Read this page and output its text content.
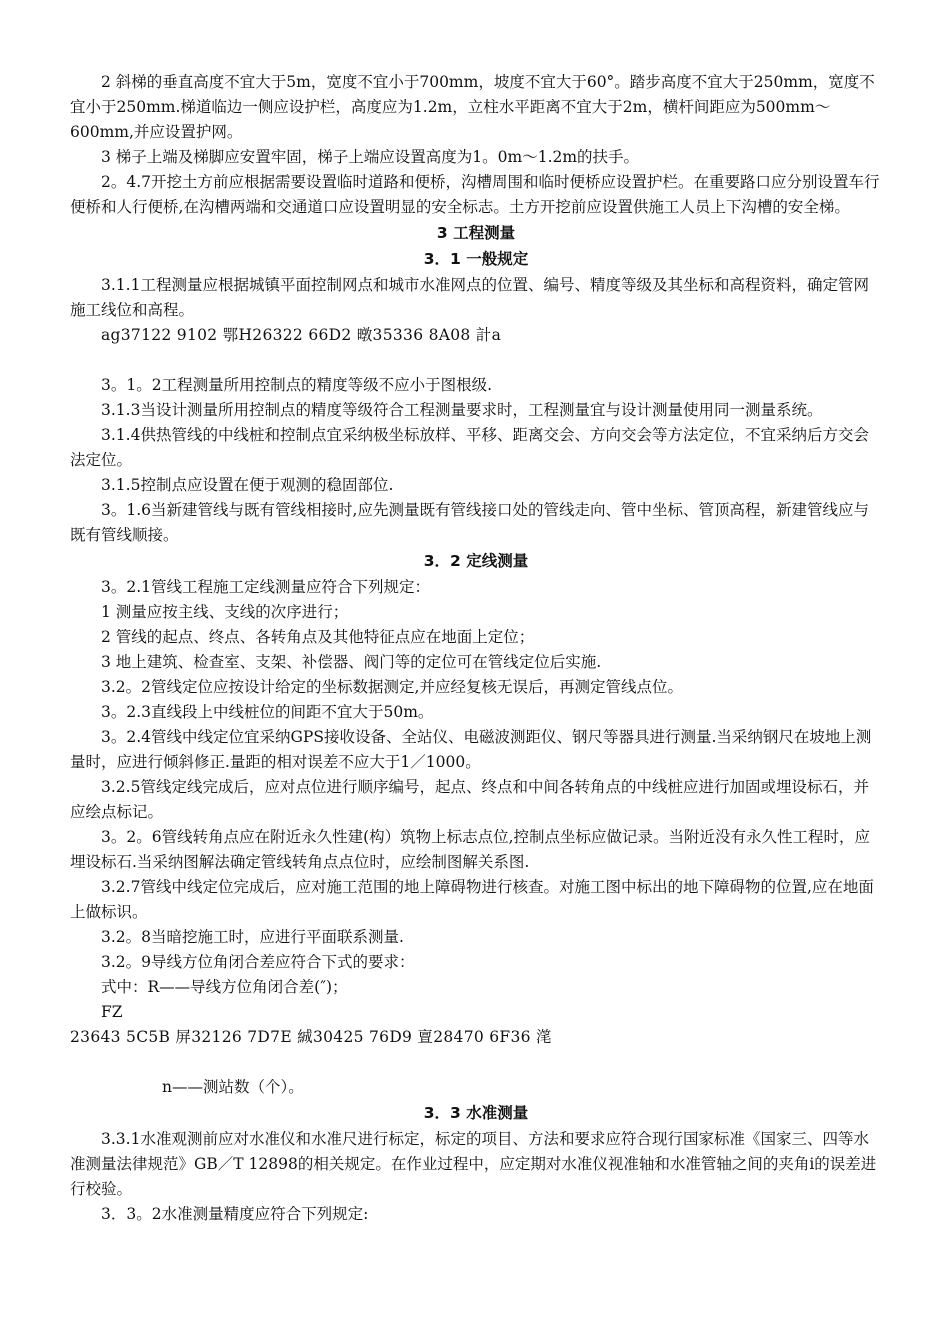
2 斜梯的垂直高度不宜大于5m，宽度不宜小于700mm，坡度不宜大于60°。踏步高度不宜大于250mm，宽度不宜小于250mm.梯道临边一侧应设护栏，高度应为1.2m，立柱水平距离不宜大于2m，横杆间距应为500mm～600mm,并应设置护网。

3 梯子上端及梯脚应安置牢固，梯子上端应设置高度为1。0m～1.2m的扶手。

2。4.7开挖土方前应根据需要设置临时道路和便桥，沟槽周围和临时便桥应设置护栏。在重要路口应分别设置车行便桥和人行便桥,在沟槽两端和交通道口应设置明显的安全标志。土方开挖前应设置供施工人员上下沟槽的安全梯。

3 工程测量

3．1 一般规定

3.1.1工程测量应根据城镇平面控制网点和城市水准网点的位置、编号、精度等级及其坐标和高程资料，确定管网施工线位和高程。

ag37122 9102 鄂H26322 66D2 暾35336 8A08 計a

3。1。2工程测量所用控制点的精度等级不应小于图根级.

3.1.3当设计测量所用控制点的精度等级符合工程测量要求时，工程测量宜与设计测量使用同一测量系统。

3.1.4供热管线的中线桩和控制点宜采纳极坐标放样、平移、距离交会、方向交会等方法定位，不宜采纳后方交会法定位。

3.1.5控制点应设置在便于观测的稳固部位.

3。1.6当新建管线与既有管线相接时,应先测量既有管线接口处的管线走向、管中坐标、管顶高程，新建管线应与既有管线顺接。

3．2 定线测量

3。2.1管线工程施工定线测量应符合下列规定：

1 测量应按主线、支线的次序进行；

2 管线的起点、终点、各转角点及其他特征点应在地面上定位；

3 地上建筑、检查室、支架、补偿器、阀门等的定位可在管线定位后实施.

3.2。2管线定位应按设计给定的坐标数据测定,并应经复核无误后，再测定管线点位。

3。2.3直线段上中线桩位的间距不宜大于50m。

3。2.4管线中线定位宜采纳GPS接收设备、全站仪、电磁波测距仪、钢尺等器具进行测量.当采纳钢尺在坡地上测量时，应进行倾斜修正.量距的相对误差不应大于1／1000。

3.2.5管线定线完成后，应对点位进行顺序编号，起点、终点和中间各转角点的中线桩应进行加固或埋设标石，并应绘点标记。

3。2。6管线转角点应在附近永久性建(构）筑物上标志点位,控制点坐标应做记录。当附近没有永久性工程时，应埋设标石.当采纳图解法确定管线转角点点位时，应绘制图解关系图.

3.2.7管线中线定位完成后，应对施工范围的地上障碍物进行核查。对施工图中标出的地下障碍物的位置,应在地面上做标识。

3.2。8当暗挖施工时，应进行平面联系测量.

3.2。9导线方位角闭合差应符合下式的要求：

式中：R——导线方位角闭合差(″)；

FZ

23643 5C5B 屏32126 7D7E 絾30425 76D9 亶28470 6F36 滗

n——测站数（个）。

3．3 水准测量

3.3.1水准观测前应对水准仪和水准尺进行标定，标定的项目、方法和要求应符合现行国家标准《国家三、四等水准测量法律规范》GB／T 12898的相关规定。在作业过程中，应定期对水准仪视准轴和水准管轴之间的夹角i的误差进行校验。

3．3。2水准测量精度应符合下列规定:
